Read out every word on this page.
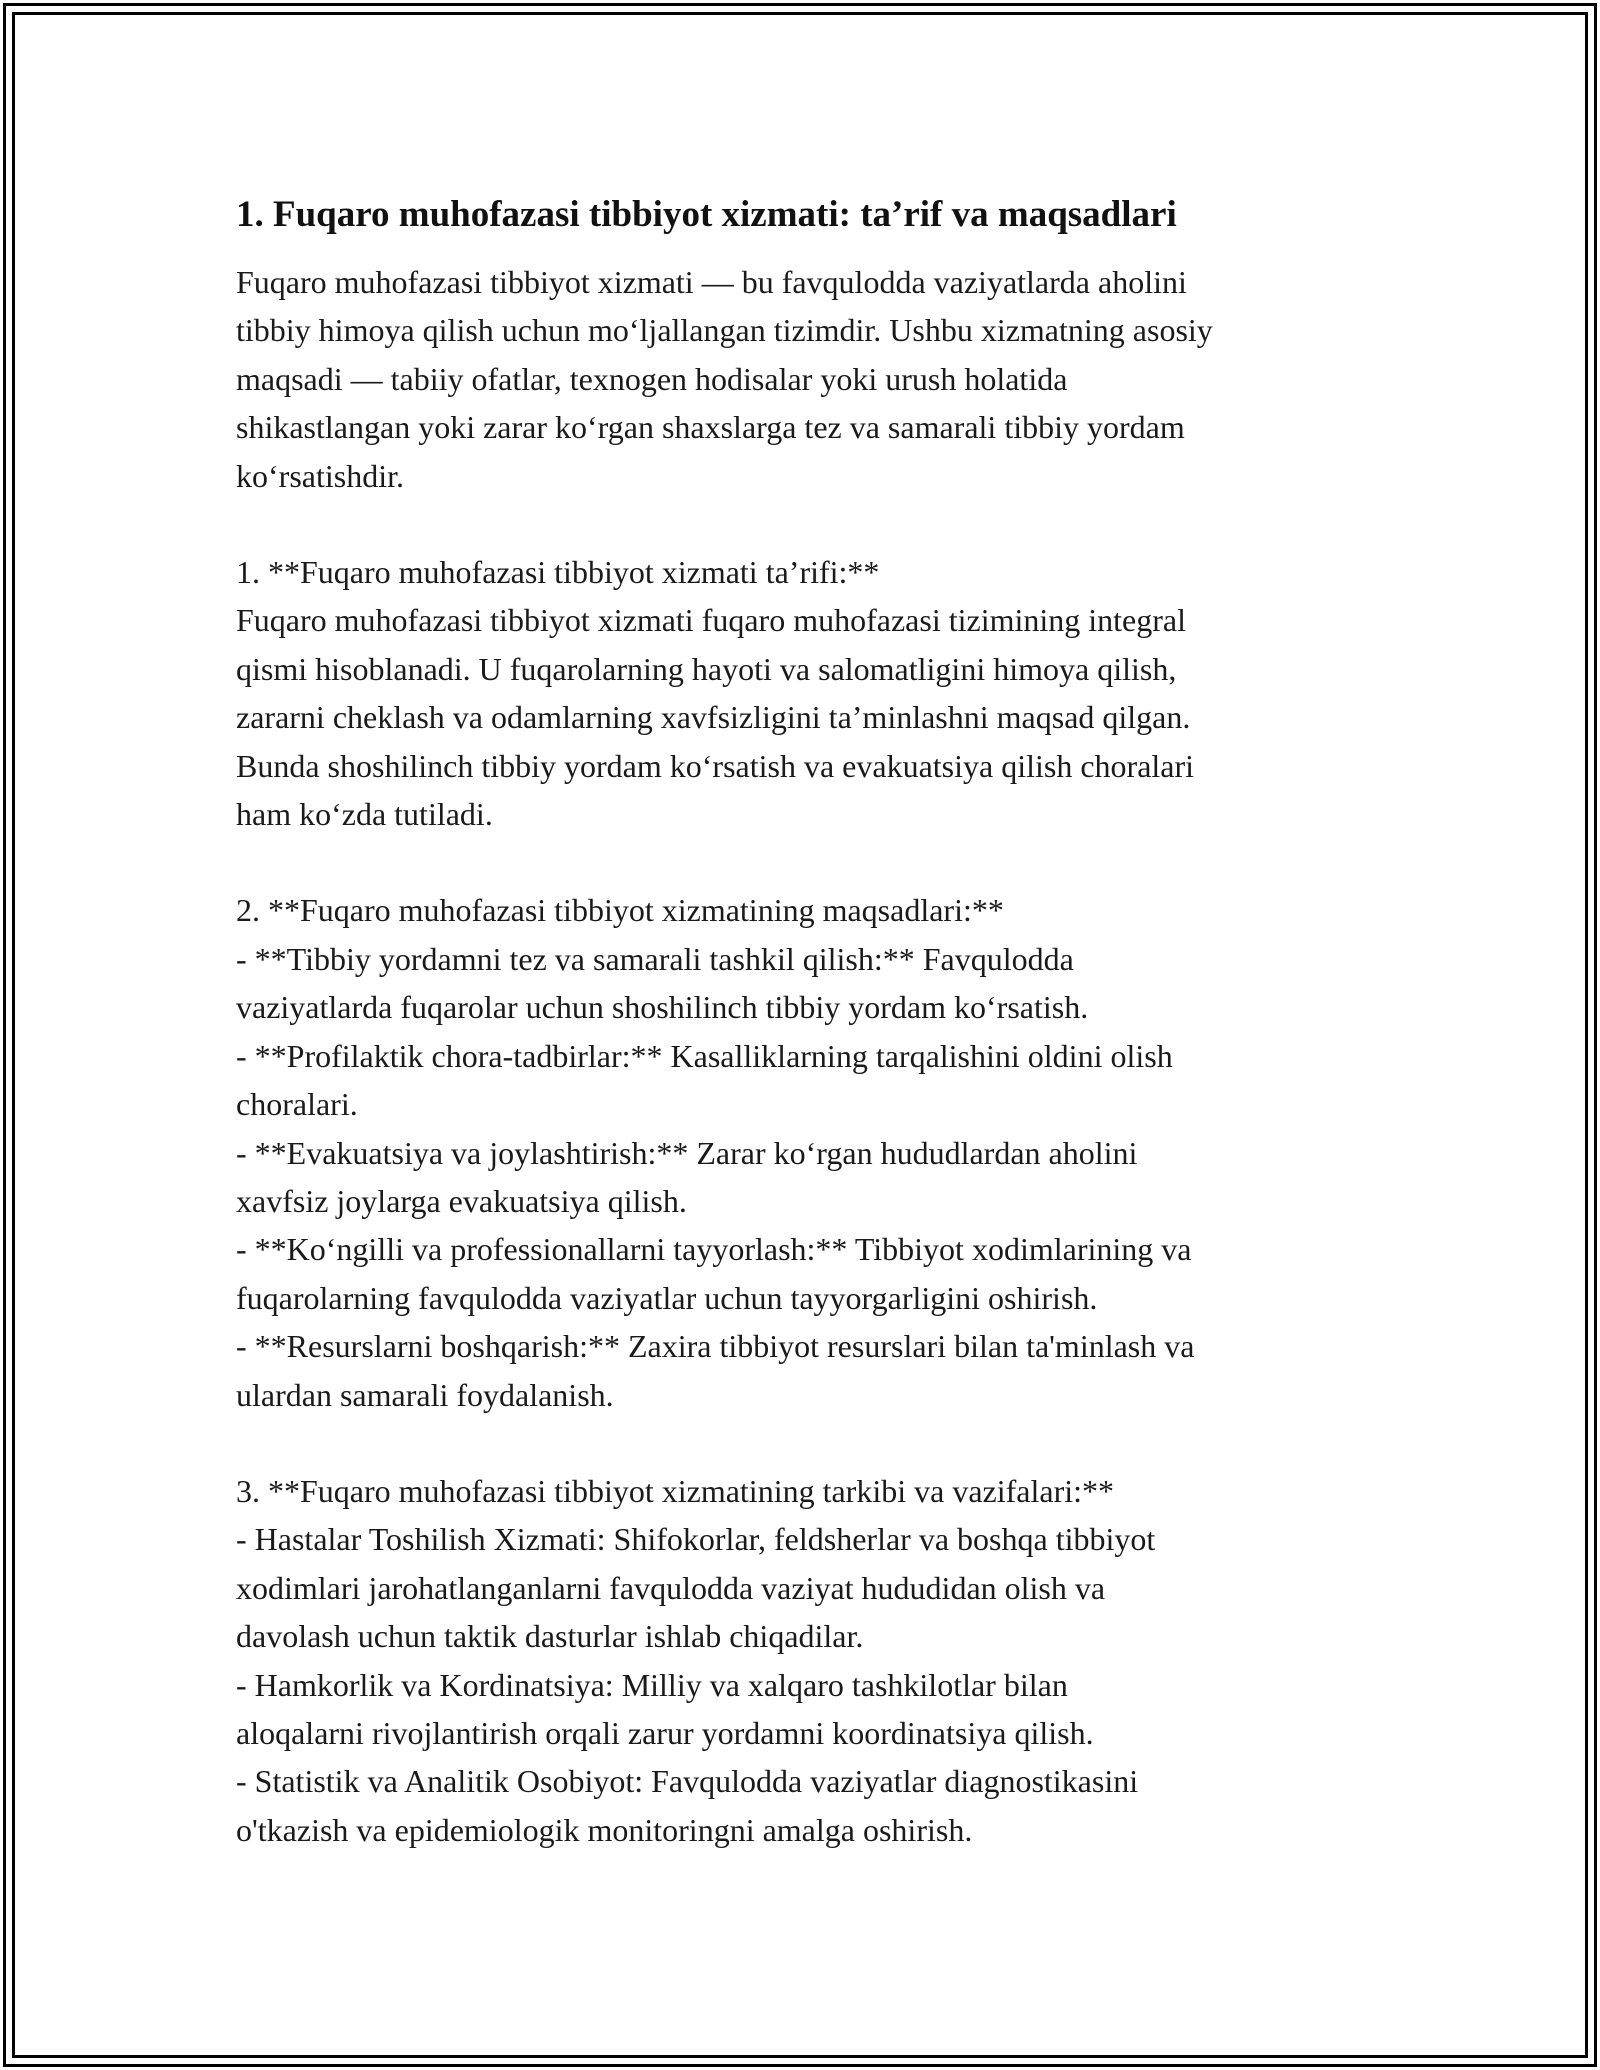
1. Fuqaro muhofazasi tibbiyot xizmati: ta’rif va maqsadlari

Fuqaro muhofazasi tibbiyot xizmati — bu favqulodda vaziyatlarda aholini
tibbiy himoya qilish uchun moʻljallangan tizimdir. Ushbu xizmatning asosiy
maqsadi — tabiiy ofatlar, texnogen hodisalar yoki urush holatida
shikastlangan yoki zarar koʻrgan shaxslarga tez va samarali tibbiy yordam
koʻrsatishdir.

1. **Fuqaro muhofazasi tibbiyot xizmati ta’rifi:**
Fuqaro muhofazasi tibbiyot xizmati fuqaro muhofazasi tizimining integral
qismi hisoblanadi. U fuqarolarning hayoti va salomatligini himoya qilish,
zararni cheklash va odamlarning xavfsizligini ta’minlashni maqsad qilgan.
Bunda shoshilinch tibbiy yordam koʻrsatish va evakuatsiya qilish choralari
ham koʻzda tutiladi.

2. **Fuqaro muhofazasi tibbiyot xizmatining maqsadlari:**
- **Tibbiy yordamni tez va samarali tashkil qilish:** Favqulodda
vaziyatlarda fuqarolar uchun shoshilinch tibbiy yordam koʻrsatish.
- **Profilaktik chora-tadbirlar:** Kasalliklarning tarqalishini oldini olish
choralari.
- **Evakuatsiya va joylashtirish:** Zarar koʻrgan hududlardan aholini
xavfsiz joylarga evakuatsiya qilish.
- **Koʻngilli va professionallarni tayyorlash:** Tibbiyot xodimlarining va
fuqarolarning favqulodda vaziyatlar uchun tayyorgarligini oshirish.
- **Resurslarni boshqarish:** Zaxira tibbiyot resurslari bilan ta'minlash va
ulardan samarali foydalanish.

3. **Fuqaro muhofazasi tibbiyot xizmatining tarkibi va vazifalari:**
- Hastalar Toshilish Xizmati: Shifokorlar, feldsherlar va boshqa tibbiyot
xodimlari jarohatlanganlarni favqulodda vaziyat hududidan olish va
davolash uchun taktik dasturlar ishlab chiqadilar.
- Hamkorlik va Kordinatsiya: Milliy va xalqaro tashkilotlar bilan
aloqalarni rivojlantirish orqali zarur yordamni koordinatsiya qilish.
- Statistik va Analitik Osobiyot: Favqulodda vaziyatlar diagnostikasini
o'tkazish va epidemiologik monitoringni amalga oshirish.
